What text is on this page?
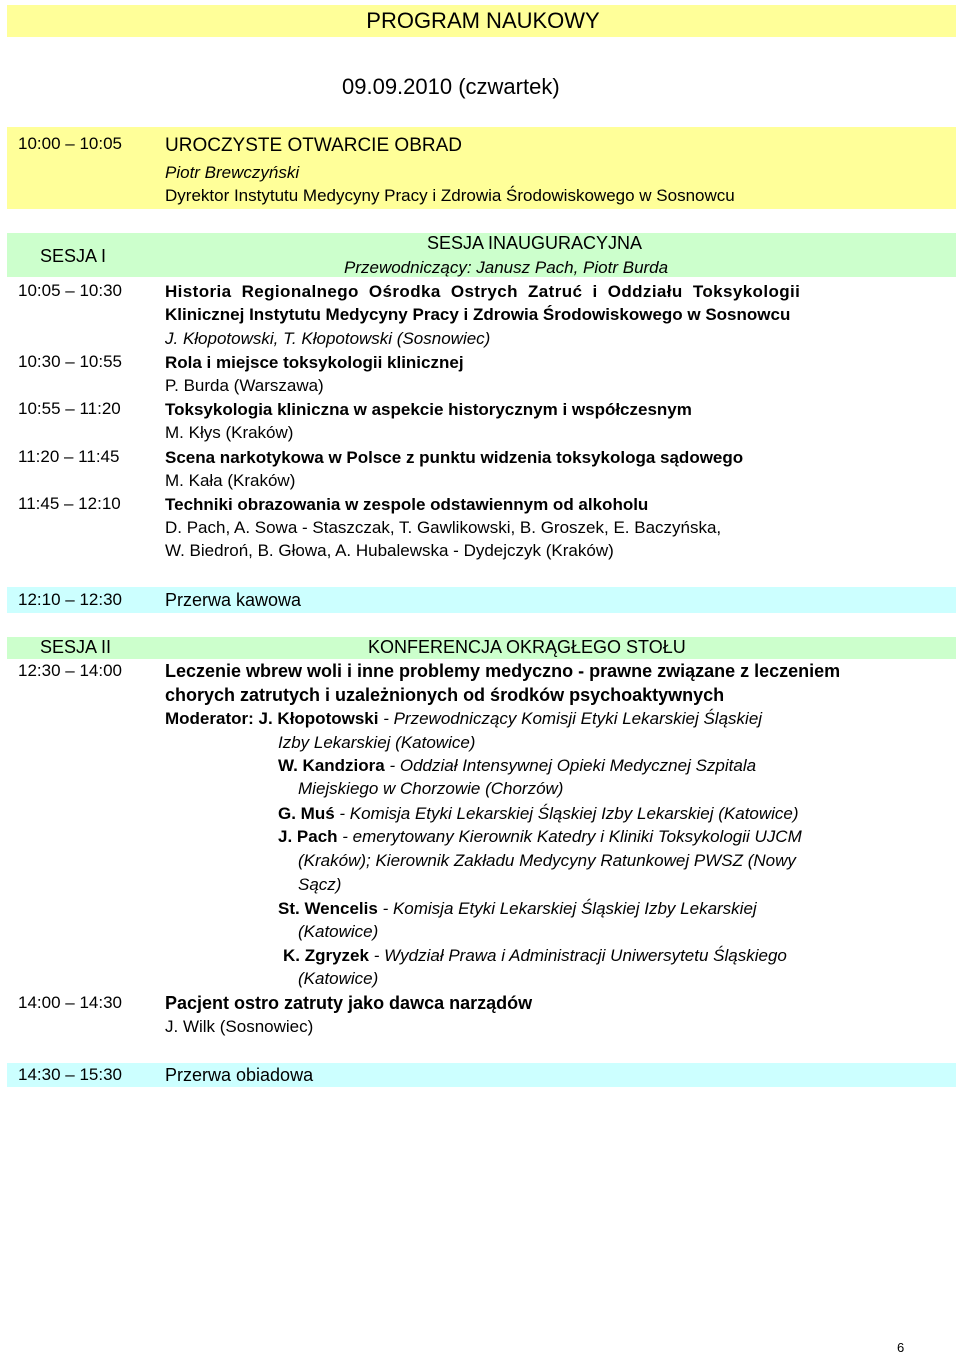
PROGRAM NAUKOWY
09.09.2010 (czwartek)
10:00 – 10:05 UROCZYSTE OTWARCIE OBRAD
Piotr Brewczyński
Dyrektor Instytutu Medycyny Pracy i Zdrowia Środowiskowego w Sosnowcu
SESJA I
SESJA INAUGURACYJNA
Przewodniczący: Janusz Pach, Piotr Burda
10:05 – 10:30	Historia Regionalnego Ośrodka Ostrych Zatruć i Oddziału Toksykologii
Klinicznej Instytutu Medycyny Pracy i Zdrowia Środowiskowego w Sosnowcu
J. Kłopotowski, T. Kłopotowski (Sosnowiec)
10:30 – 10:55	Rola i miejsce toksykologii klinicznej
P. Burda (Warszawa)
10:55 – 11:20	Toksykologia kliniczna w aspekcie historycznym i współczesnym
M. Kłys (Kraków)
11:20 – 11:45	Scena narkotykowa w Polsce z punktu widzenia toksykologa sądowego
M. Kała (Kraków)
11:45 – 12:10	Techniki obrazowania w zespole odstawiennym od alkoholu
D. Pach, A. Sowa - Staszczak, T. Gawlikowski, B. Groszek, E. Baczyńska,
W. Biedroń, B. Głowa, A. Hubalewska - Dydejczyk (Kraków)
12:10 – 12:30 Przerwa kawowa
SESJA II	KONFERENCJA OKRĄGŁEGO STOŁU
12:30 – 14:00 Leczenie wbrew woli i inne problemy medyczno - prawne związane z leczeniem
chorych zatrutych i uzależnionych od środków psychoaktywnych
Moderator: J. Kłopotowski - Przewodniczący Komisji Etyki Lekarskiej Śląskiej
Izby Lekarskiej (Katowice)
W. Kandziora - Oddział Intensywnej Opieki Medycznej Szpitala
Miejskiego w Chorzowie (Chorzów)
G. Muś - Komisja Etyki Lekarskiej Śląskiej Izby Lekarskiej (Katowice)
J. Pach - emerytowany Kierownik Katedry i Kliniki Toksykologii UJCM
(Kraków); Kierownik Zakładu Medycyny Ratunkowej PWSZ (Nowy
Sącz)
St. Wencelis - Komisja Etyki Lekarskiej Śląskiej Izby Lekarskiej
(Katowice)
K. Zgryzek - Wydział Prawa i Administracji Uniwersytetu Śląskiego
(Katowice)
14:00 – 14:30 Pacjent ostro zatruty jako dawca narządów
J. Wilk (Sosnowiec)
14:30 – 15:30 Przerwa obiadowa
6
